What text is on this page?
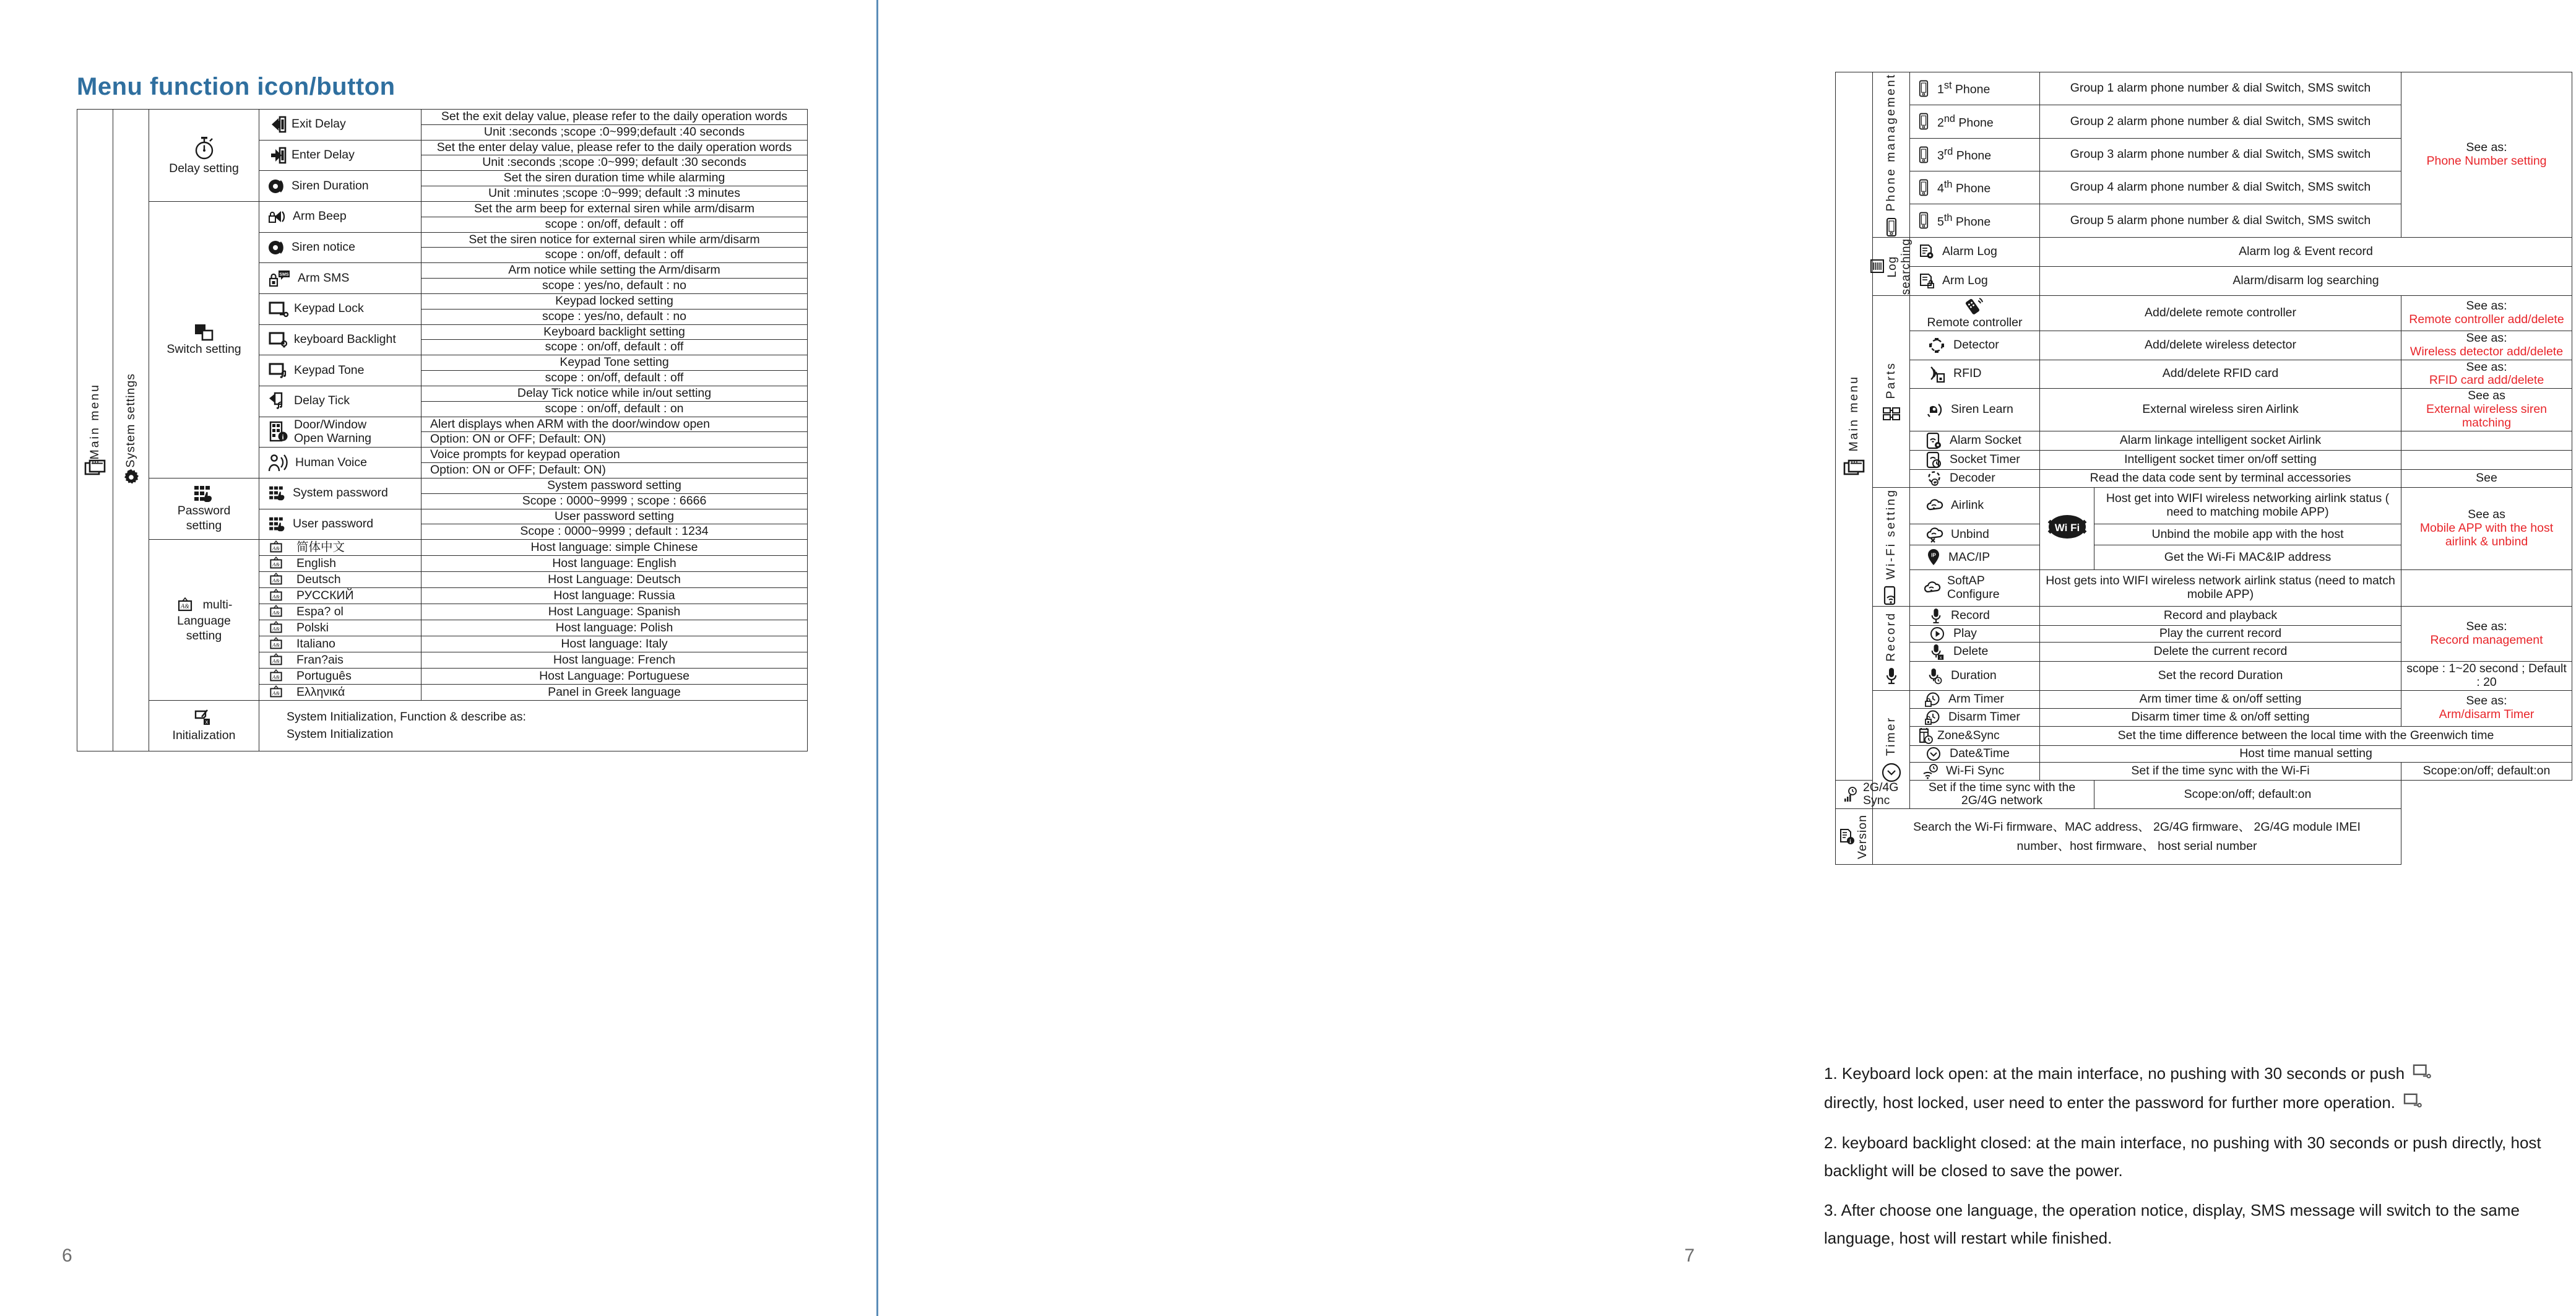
Menu function icon/button
Main menu	System settings	Delay setting	Exit Delay	Set the exit delay value, please refer to the daily operation words
				Unit :seconds ;scope :0~999;default :40 seconds

			Enter Delay	Set the enter delay value, please refer to the daily operation words
				Unit :seconds ;scope :0~999; default :30 seconds

			Siren Duration	Set the siren duration time while alarming
				Unit :minutes ;scope :0~999; default :3 minutes

		Switch setting	Arm Beep	Set the arm beep for external siren while arm/disarm
				scope : on/off, default : off

			Siren notice	Set the siren notice for external siren while arm/disarm
				scope : on/off, default : off

SMS Arm SMS	Arm notice while setting the Arm/disarm
				scope : yes/no, default : no

			Keypad Lock	Keypad locked setting
				scope : yes/no, default : no

			keyboard Backlight	Keyboard backlight setting
				scope : on/off, default : off

			Keypad Tone	Keypad Tone setting
				scope : on/off, default : off

			Delay Tick	Delay Tick notice while in/out setting
				scope : on/off, default : on

i
Door/Window
Open Warning	Alert displays when ARM with the door/window open
				Option: ON or OFF; Default: ON)

			Human Voice	Voice prompts for keypad operation
				Option: ON or OFF; Default: ON)

		Password
setting	System password	System password setting
				Scope : 0000~9999 ; scope : 6666

			User password	User password setting
				Scope : 0000~9999 ; default : 1234

A& multi-
Language
setting	A& 简体中文	Host language: simple Chinese

A& English	Host language: English

A& Deutsch	Host Language: Deutsch

A& РУССКИЙ	Host language: Russia

A& Espa? ol	Host Language: Spanish

A& Polski	Host language: Polish

A& Italiano	Host language: Italy

A& Fran?ais	Host language: French

A& Português	Host Language: Portuguese

A& Ελληνικά	Panel in Greek language

x
Initialization

System Initialization, Function & describe as:
System Initialization
6
Main menu	Phone management	1st Phone	Group 1 alarm phone number & dial Switch, SMS switch		See as:
Phone Number setting

		2nd Phone	Group 2 alarm phone number & dial Switch, SMS switch		

		3rd Phone	Group 3 alarm phone number & dial Switch, SMS switch		

		4th Phone	Group 4 alarm phone number & dial Switch, SMS switch		

		5th Phone	Group 5 alarm phone number & dial Switch, SMS switch		

	Log searching	Alarm Log	Alarm log & Event record		

		Arm Log	Alarm/disarm log searching		

	Parts	Remote controller	Add/delete remote controller		See as:
Remote controller add/delete

		Detector	Add/delete wireless detector		See as:
Wireless detector add/delete

		RFID	Add/delete RFID card		See as:
RFID card add/delete

		Siren Learn	External wireless siren Airlink		See as
External wireless siren matching

		Alarm Socket	Alarm linkage intelligent socket Airlink		

		Socket Timer	Intelligent socket timer on/off setting		

1 Decoder	Read the data code sent by terminal accessories		See

	Wi-Fi setting	Airlink	Wi Fi	Host get into WIFI wireless networking airlink status ( need to matching mobile APP)	See as
Mobile APP with the host airlink & unbind

		Unbind		Unbind the mobile app with the host	

IP MAC/IP		Get the Wi-Fi MAC&IP address	

		SoftAP
Configure	Host gets into WIFI wireless network airlink status (need to match mobile APP)		

	Record	Record	Record and playback		See as:
Record management

		Play	Play the current record		

x Delete	Delete the current record		

		Duration	Set the record Duration		scope : 1~20 second ; Default : 20

	Timer	Arm Timer	Arm timer time & on/off setting		See as:
Arm/disarm Timer

		Disarm Timer	Disarm timer time & on/off setting		

		Zone&Sync	Set the time difference between the local time with the Greenwich time		

		Date&Time	Host time manual setting		

		Wi-Fi Sync	Set if the time sync with the Wi-Fi		Scope:on/off; default:on

2G/4G Sync		Set if the time sync with the 2G/4G network		Scope:on/off; default:on	

i Version	Search the Wi-Fi firmware、MAC address、 2G/4G firmware、 2G/4G module IMEI number、host firmware、 host serial number				

1. Keyboard lock open: at the main interface, no pushing with 30 seconds or push
directly, host locked, user need to enter the password for further more operation.

2. keyboard backlight closed: at the main interface, no pushing with 30 seconds or push directly, host backlight will be closed to save the power.

3. After choose one language, the operation notice, display, SMS message will switch to the same language, host will restart while finished.

7
